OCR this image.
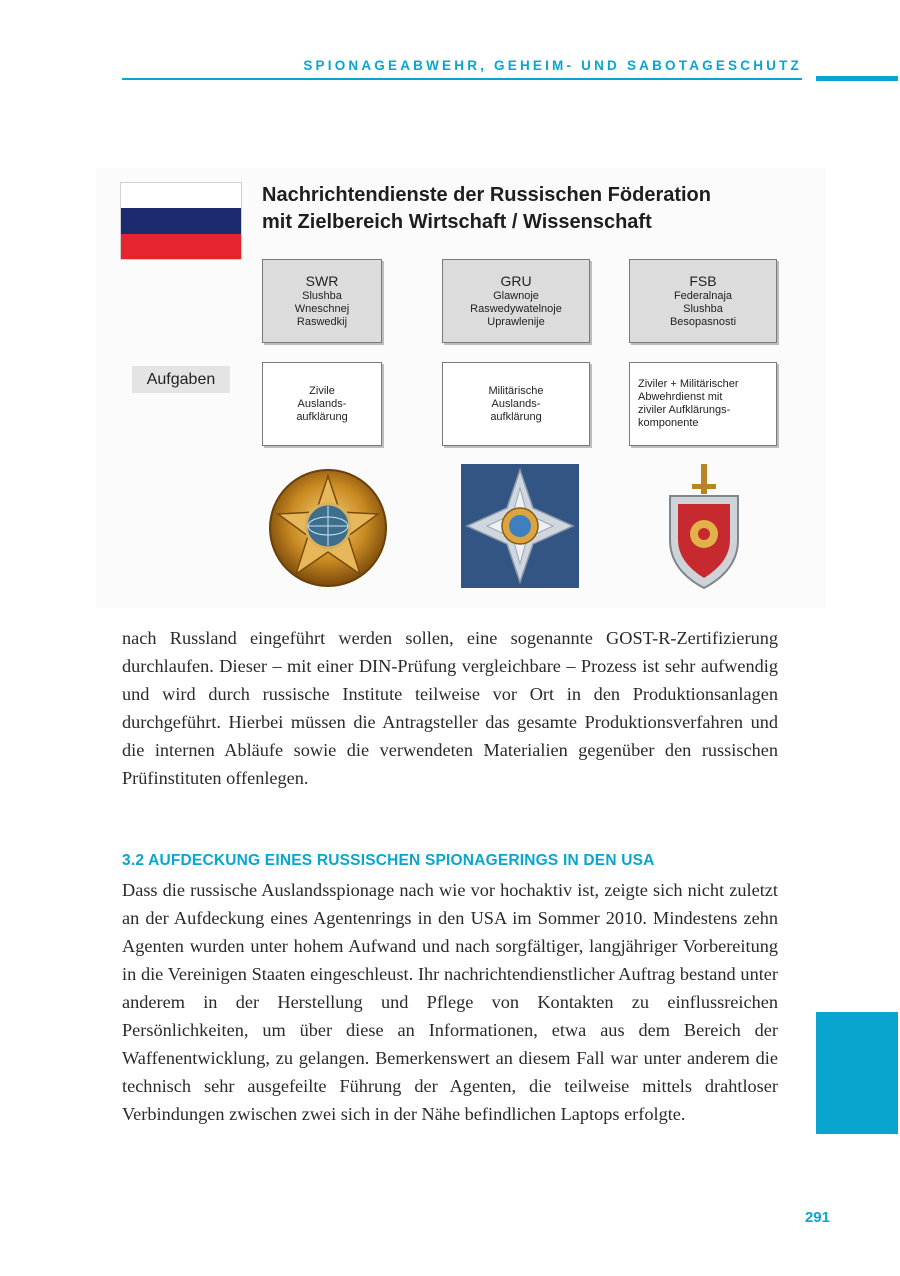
SPIONAGEABWEHR, GEHEIM- UND SABOTAGESCHUTZ
Nachrichtendienste der Russischen Föderation
mit Zielbereich Wirtschaft / Wissenschaft
SWR
Slushba
Wneschnej
Raswedkij
GRU
Glawnoje
Raswedywatelnoje
Uprawlenije
FSB
Federalnaja
Slushba
Besopasnosti
Aufgaben
Zivile
Auslands-
aufklärung
Militärische
Auslands-
aufklärung
Ziviler + Militärischer
Abwehrdienst mit
ziviler Aufklärungs-
komponente

nach Russland eingeführt werden sollen, eine sogenannte GOST-R-Zertifizierung durchlaufen. Dieser – mit einer DIN-Prüfung vergleichbare – Prozess ist sehr aufwendig und wird durch russische Institute teilweise vor Ort in den Produktionsanlagen durchgeführt. Hierbei müssen die Antragsteller das gesamte Produktionsverfahren und die internen Abläufe sowie die verwendeten Materialien gegenüber den russischen Prüfinstituten offenlegen.

3.2 AUFDECKUNG EINES RUSSISCHEN SPIONAGERINGS IN DEN USA

Dass die russische Auslandsspionage nach wie vor hochaktiv ist, zeigte sich nicht zuletzt an der Aufdeckung eines Agentenrings in den USA im Sommer 2010. Mindestens zehn Agenten wurden unter hohem Aufwand und nach sorgfältiger, langjähriger Vorbereitung in die Vereinigen Staaten eingeschleust. Ihr nachrichtendienstlicher Auftrag bestand unter anderem in der Herstellung und Pflege von Kontakten zu einflussreichen Persönlichkeiten, um über diese an Informationen, etwa aus dem Bereich der Waffenentwicklung, zu gelangen. Bemerkenswert an diesem Fall war unter anderem die technisch sehr ausgefeilte Führung der Agenten, die teilweise mittels drahtloser Verbindungen zwischen zwei sich in der Nähe befindlichen Laptops erfolgte.

291
